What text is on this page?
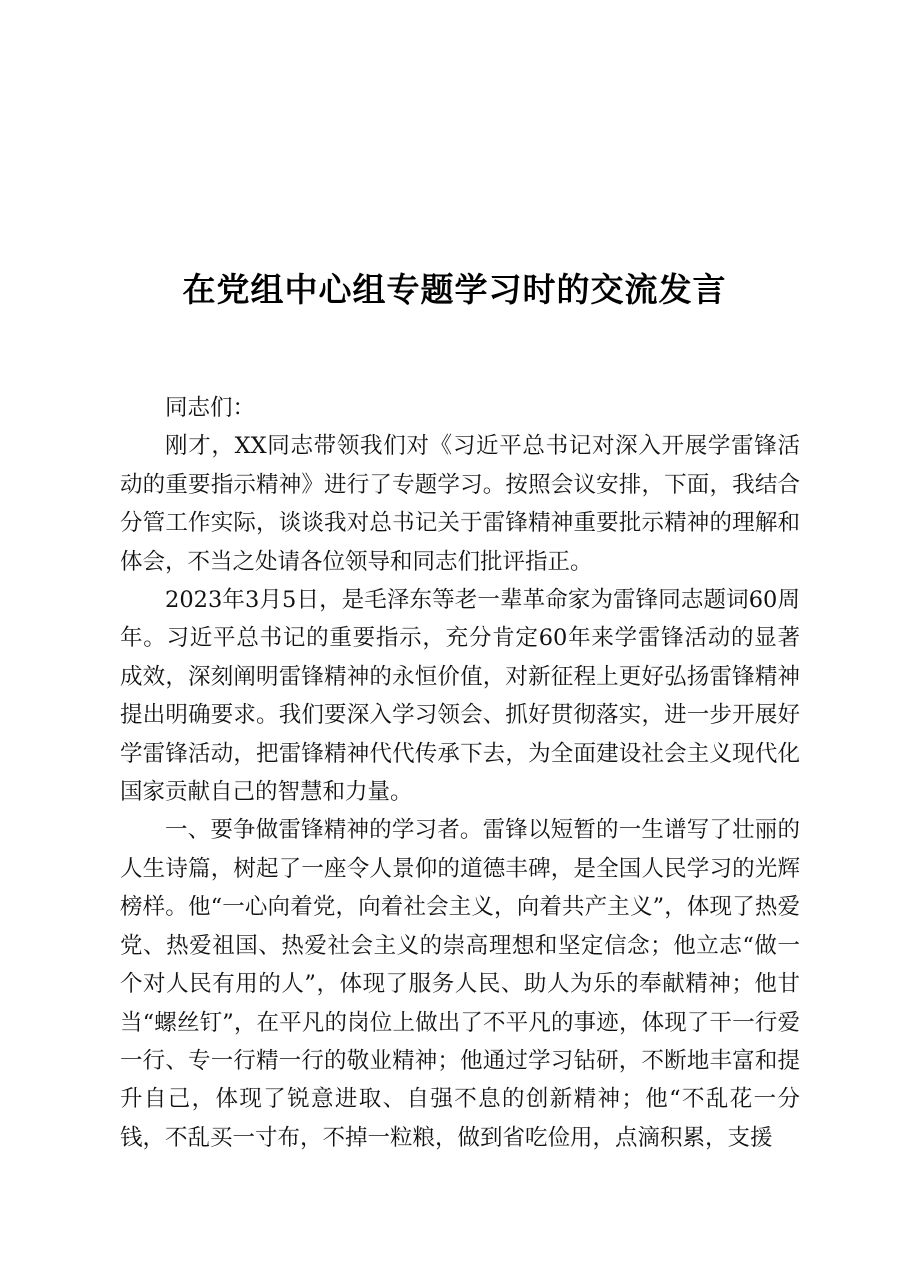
在党组中心组专题学习时的交流发言

同志们：

刚才，XX同志带领我们对《习近平总书记对深入开展学雷锋活动的重要指示精神》进行了专题学习。按照会议安排，下面，我结合分管工作实际，谈谈我对总书记关于雷锋精神重要批示精神的理解和体会，不当之处请各位领导和同志们批评指正。

2023年3月5日，是毛泽东等老一辈革命家为雷锋同志题词60周年。习近平总书记的重要指示，充分肯定60年来学雷锋活动的显著成效，深刻阐明雷锋精神的永恒价值，对新征程上更好弘扬雷锋精神提出明确要求。我们要深入学习领会、抓好贯彻落实，进一步开展好学雷锋活动，把雷锋精神代代传承下去，为全面建设社会主义现代化国家贡献自己的智慧和力量。

一、要争做雷锋精神的学习者。雷锋以短暂的一生谱写了壮丽的人生诗篇，树起了一座令人景仰的道德丰碑，是全国人民学习的光辉榜样。他“一心向着党，向着社会主义，向着共产主义”，体现了热爱党、热爱祖国、热爱社会主义的崇高理想和坚定信念；他立志“做一个对人民有用的人”，体现了服务人民、助人为乐的奉献精神；他甘当“螺丝钉”，在平凡的岗位上做出了不平凡的事迹，体现了干一行爱一行、专一行精一行的敬业精神；他通过学习钻研，不断地丰富和提升自己，体现了锐意进取、自强不息的创新精神；他“不乱花一分钱，不乱买一寸布，不掉一粒粮，做到省吃俭用，点滴积累，支援
